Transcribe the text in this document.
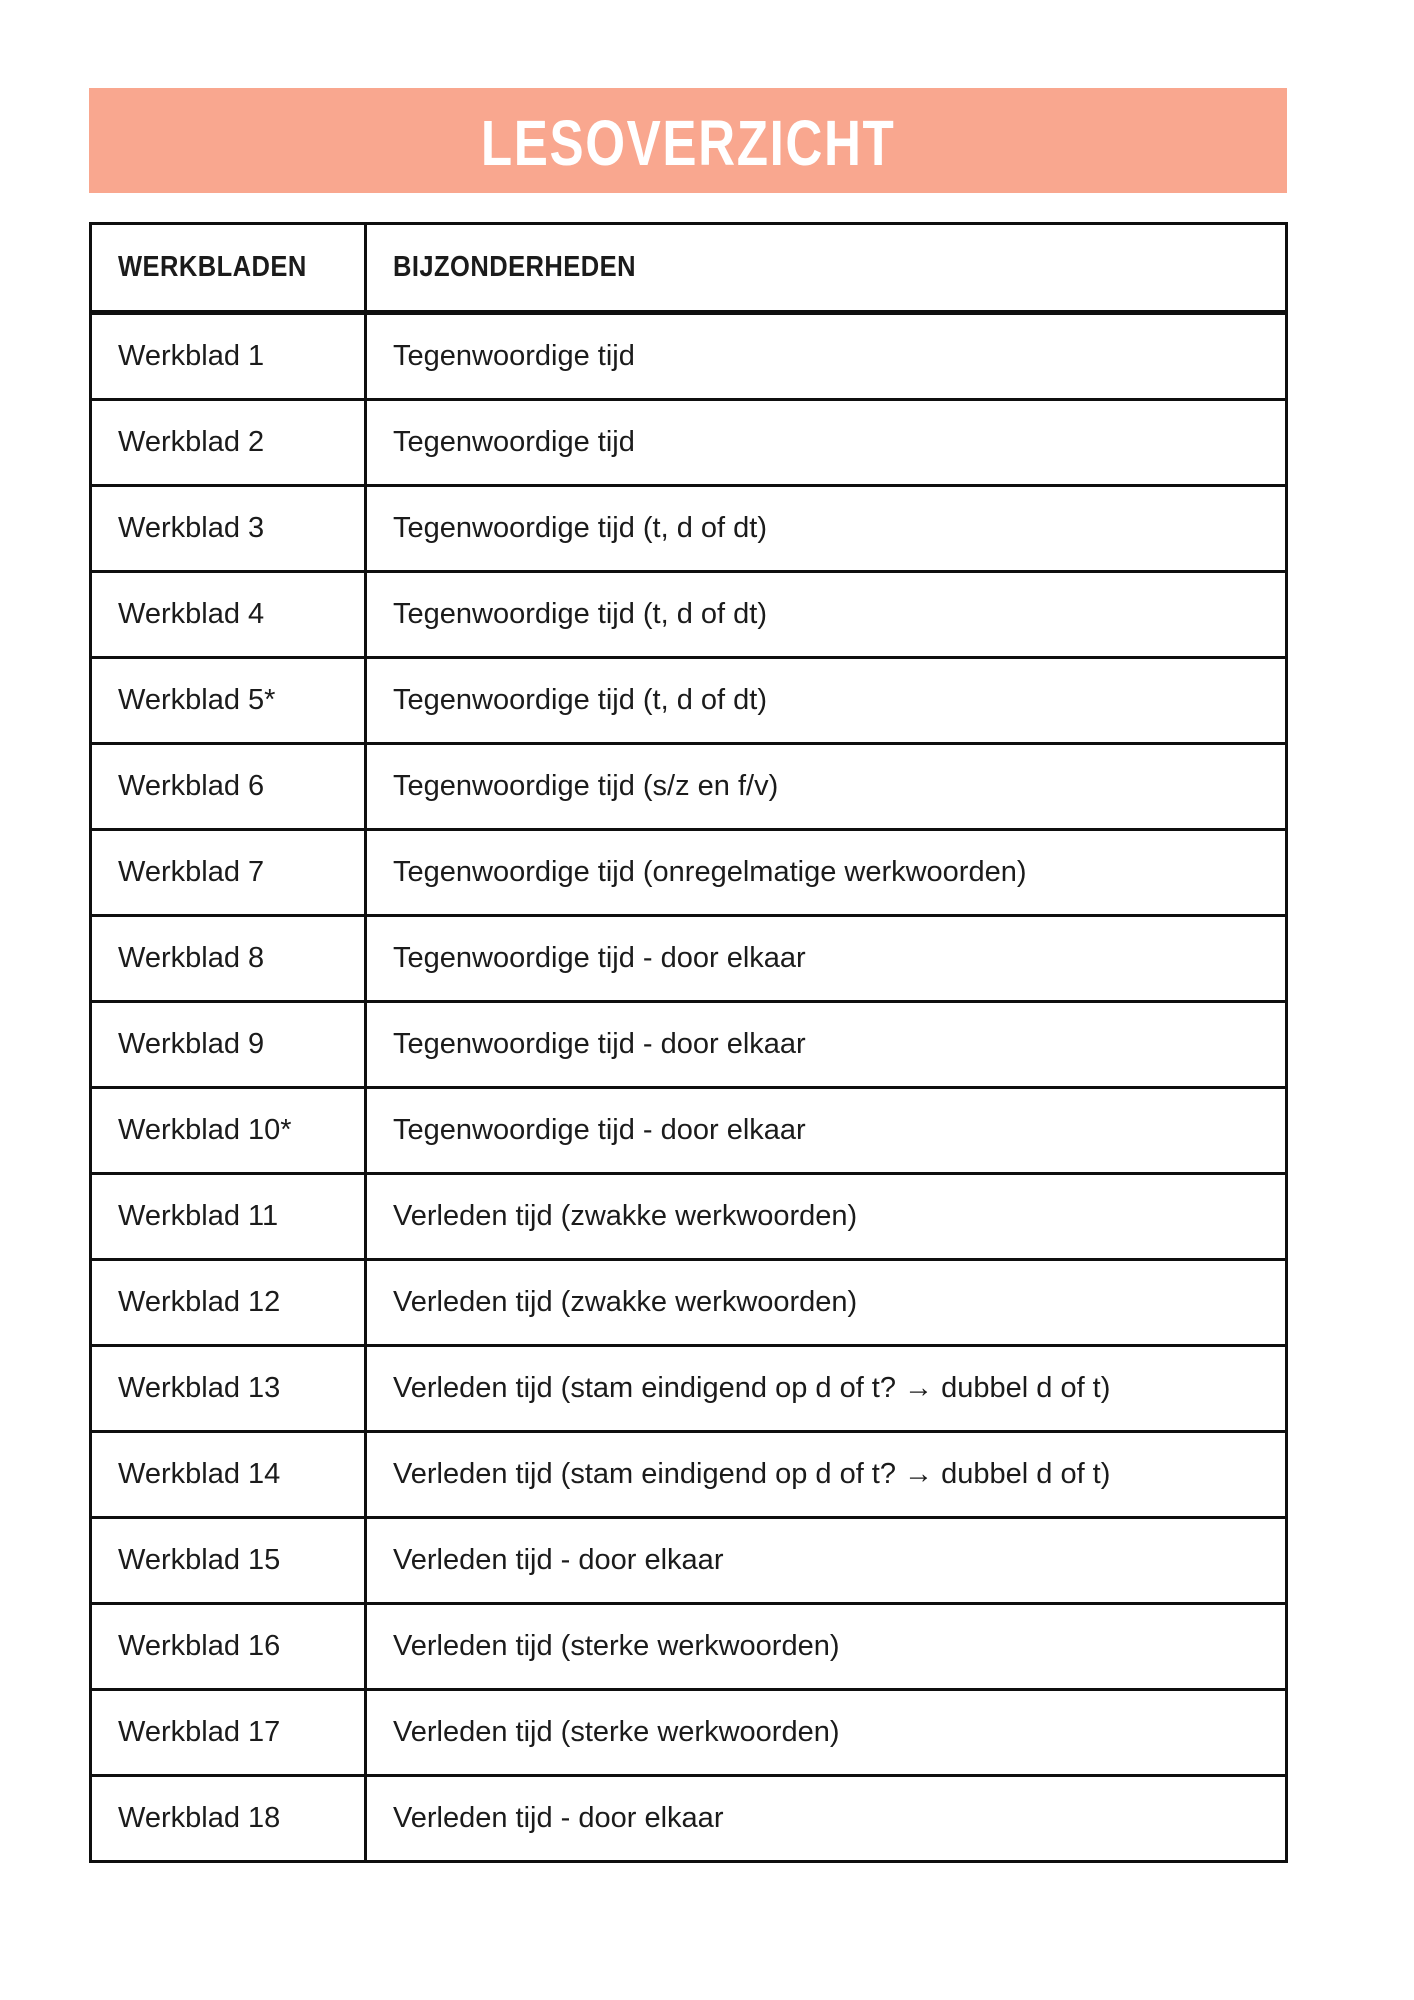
LESOVERZICHT
WERKBLADEN	BIJZONDERHEDEN
Werkblad 1	Tegenwoordige tijd
Werkblad 2	Tegenwoordige tijd
Werkblad 3	Tegenwoordige tijd (t, d of dt)
Werkblad 4	Tegenwoordige tijd (t, d of dt)
Werkblad 5*	Tegenwoordige tijd (t, d of dt)
Werkblad 6	Tegenwoordige tijd (s/z en f/v)
Werkblad 7	Tegenwoordige tijd (onregelmatige werkwoorden)
Werkblad 8	Tegenwoordige tijd - door elkaar
Werkblad 9	Tegenwoordige tijd - door elkaar
Werkblad 10*	Tegenwoordige tijd - door elkaar
Werkblad 11	Verleden tijd (zwakke werkwoorden)
Werkblad 12	Verleden tijd (zwakke werkwoorden)
Werkblad 13	Verleden tijd (stam eindigend op d of t? → dubbel d of t)
Werkblad 14	Verleden tijd (stam eindigend op d of t? → dubbel d of t)
Werkblad 15	Verleden tijd - door elkaar
Werkblad 16	Verleden tijd (sterke werkwoorden)
Werkblad 17	Verleden tijd (sterke werkwoorden)
Werkblad 18	Verleden tijd - door elkaar
